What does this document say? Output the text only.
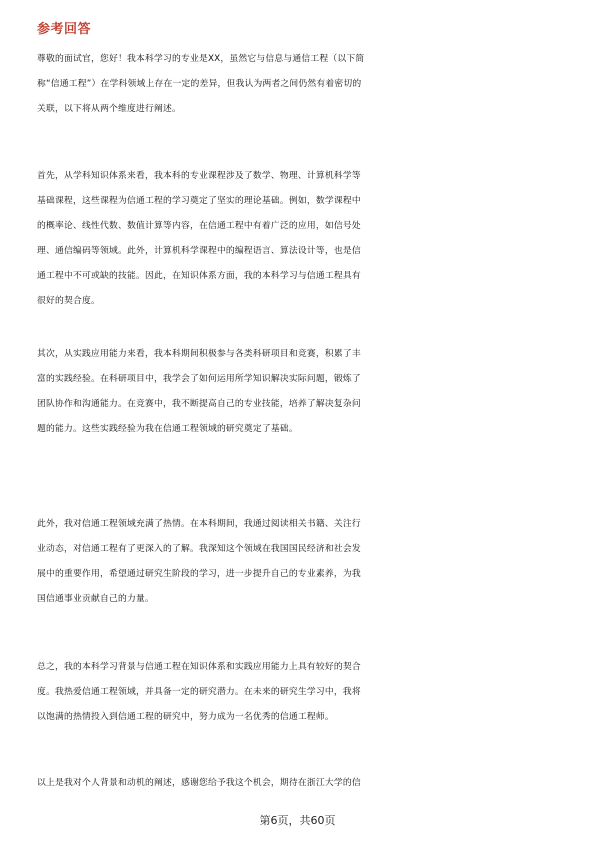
参考回答
尊敬的面试官，您好！我本科学习的专业是XX，虽然它与信息与通信工程（以下简
称“信通工程”）在学科领域上存在一定的差异，但我认为两者之间仍然有着密切的
关联，以下将从两个维度进行阐述。
首先，从学科知识体系来看，我本科的专业课程涉及了数学、物理、计算机科学等
基础课程，这些课程为信通工程的学习奠定了坚实的理论基础。例如，数学课程中
的概率论、线性代数、数值计算等内容，在信通工程中有着广泛的应用，如信号处
理、通信编码等领域。此外，计算机科学课程中的编程语言、算法设计等，也是信
通工程中不可或缺的技能。因此，在知识体系方面，我的本科学习与信通工程具有
很好的契合度。
其次，从实践应用能力来看，我本科期间积极参与各类科研项目和竞赛，积累了丰
富的实践经验。在科研项目中，我学会了如何运用所学知识解决实际问题，锻炼了
团队协作和沟通能力。在竞赛中，我不断提高自己的专业技能，培养了解决复杂问
题的能力。这些实践经验为我在信通工程领域的研究奠定了基础。
此外，我对信通工程领域充满了热情。在本科期间，我通过阅读相关书籍、关注行
业动态，对信通工程有了更深入的了解。我深知这个领域在我国国民经济和社会发
展中的重要作用，希望通过研究生阶段的学习，进一步提升自己的专业素养，为我
国信通事业贡献自己的力量。
总之，我的本科学习背景与信通工程在知识体系和实践应用能力上具有较好的契合
度。我热爱信通工程领域，并具备一定的研究潜力。在未来的研究生学习中，我将
以饱满的热情投入到信通工程的研究中，努力成为一名优秀的信通工程师。
以上是我对个人背景和动机的阐述，感谢您给予我这个机会，期待在浙江大学的信
第6页，共60页
